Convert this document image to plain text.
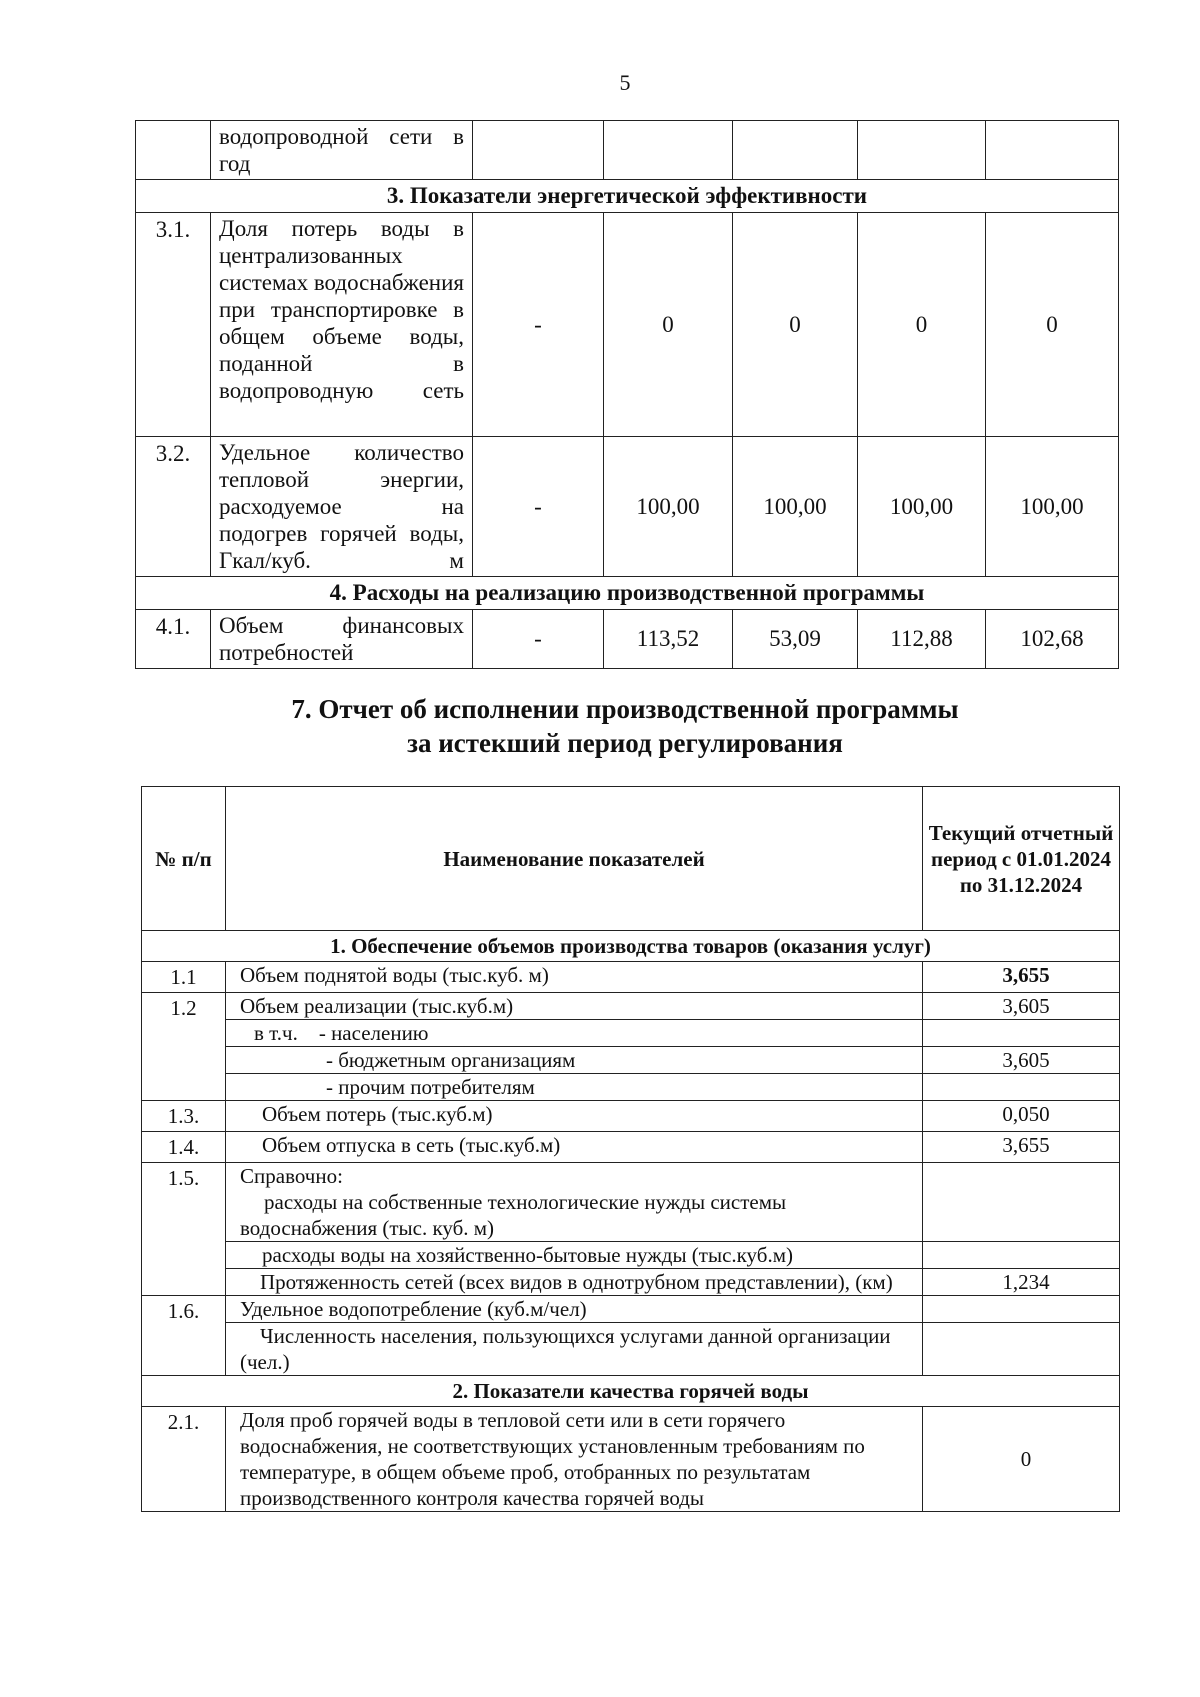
5
	водопроводной сети в год					
3. Показатели энергетической эффективности						
3.1.	Доля потерь воды в централизованных системах водоснабжения при транспортировке в общем объеме воды, поданной в водопроводную сеть	-	0	0	0	0
3.2.	Удельное количество тепловой энергии, расходуемое на подогрев горячей воды, Гкал/куб. м	-	100,00	100,00	100,00	100,00
4. Расходы на реализацию производственной программы						
4.1.	Объем финансовых потребностей	-	113,52	53,09	112,88	102,68
7. Отчет об исполнении производственной программы
за истекший период регулирования
№ п/п	Наименование показателей	Текущий отчетный период с 01.01.2024 по 31.12.2024
1. Обеспечение объемов производства товаров (оказания услуг)		
1.1	Объем поднятой воды (тыс.куб. м)	3,655
1.2	Объем реализации (тыс.куб.м)	3,605
	в т.ч.    - населению	
	- бюджетным организациям	3,605
	- прочим потребителям	
1.3.	Объем потерь (тыс.куб.м)	0,050
1.4.	Объем отпуска в сеть (тыс.куб.м)	3,655
1.5.	Справочно:
расходы на собственные технологические нужды системы водоснабжения (тыс. куб. м)	

	расходы воды на хозяйственно-бытовые нужды (тыс.куб.м)	
	Протяженность сетей (всех видов в однотрубном представлении), (км)	1,234
1.6.	Удельное водопотребление (куб.м/чел)	
	Численность населения, пользующихся услугами данной организации (чел.)	
2. Показатели качества горячей воды		
2.1.	Доля проб горячей воды в тепловой сети или в сети горячего водоснабжения, не соответствующих установленным требованиям по температуре, в общем объеме проб, отобранных по результатам производственного контроля качества горячей воды	0
